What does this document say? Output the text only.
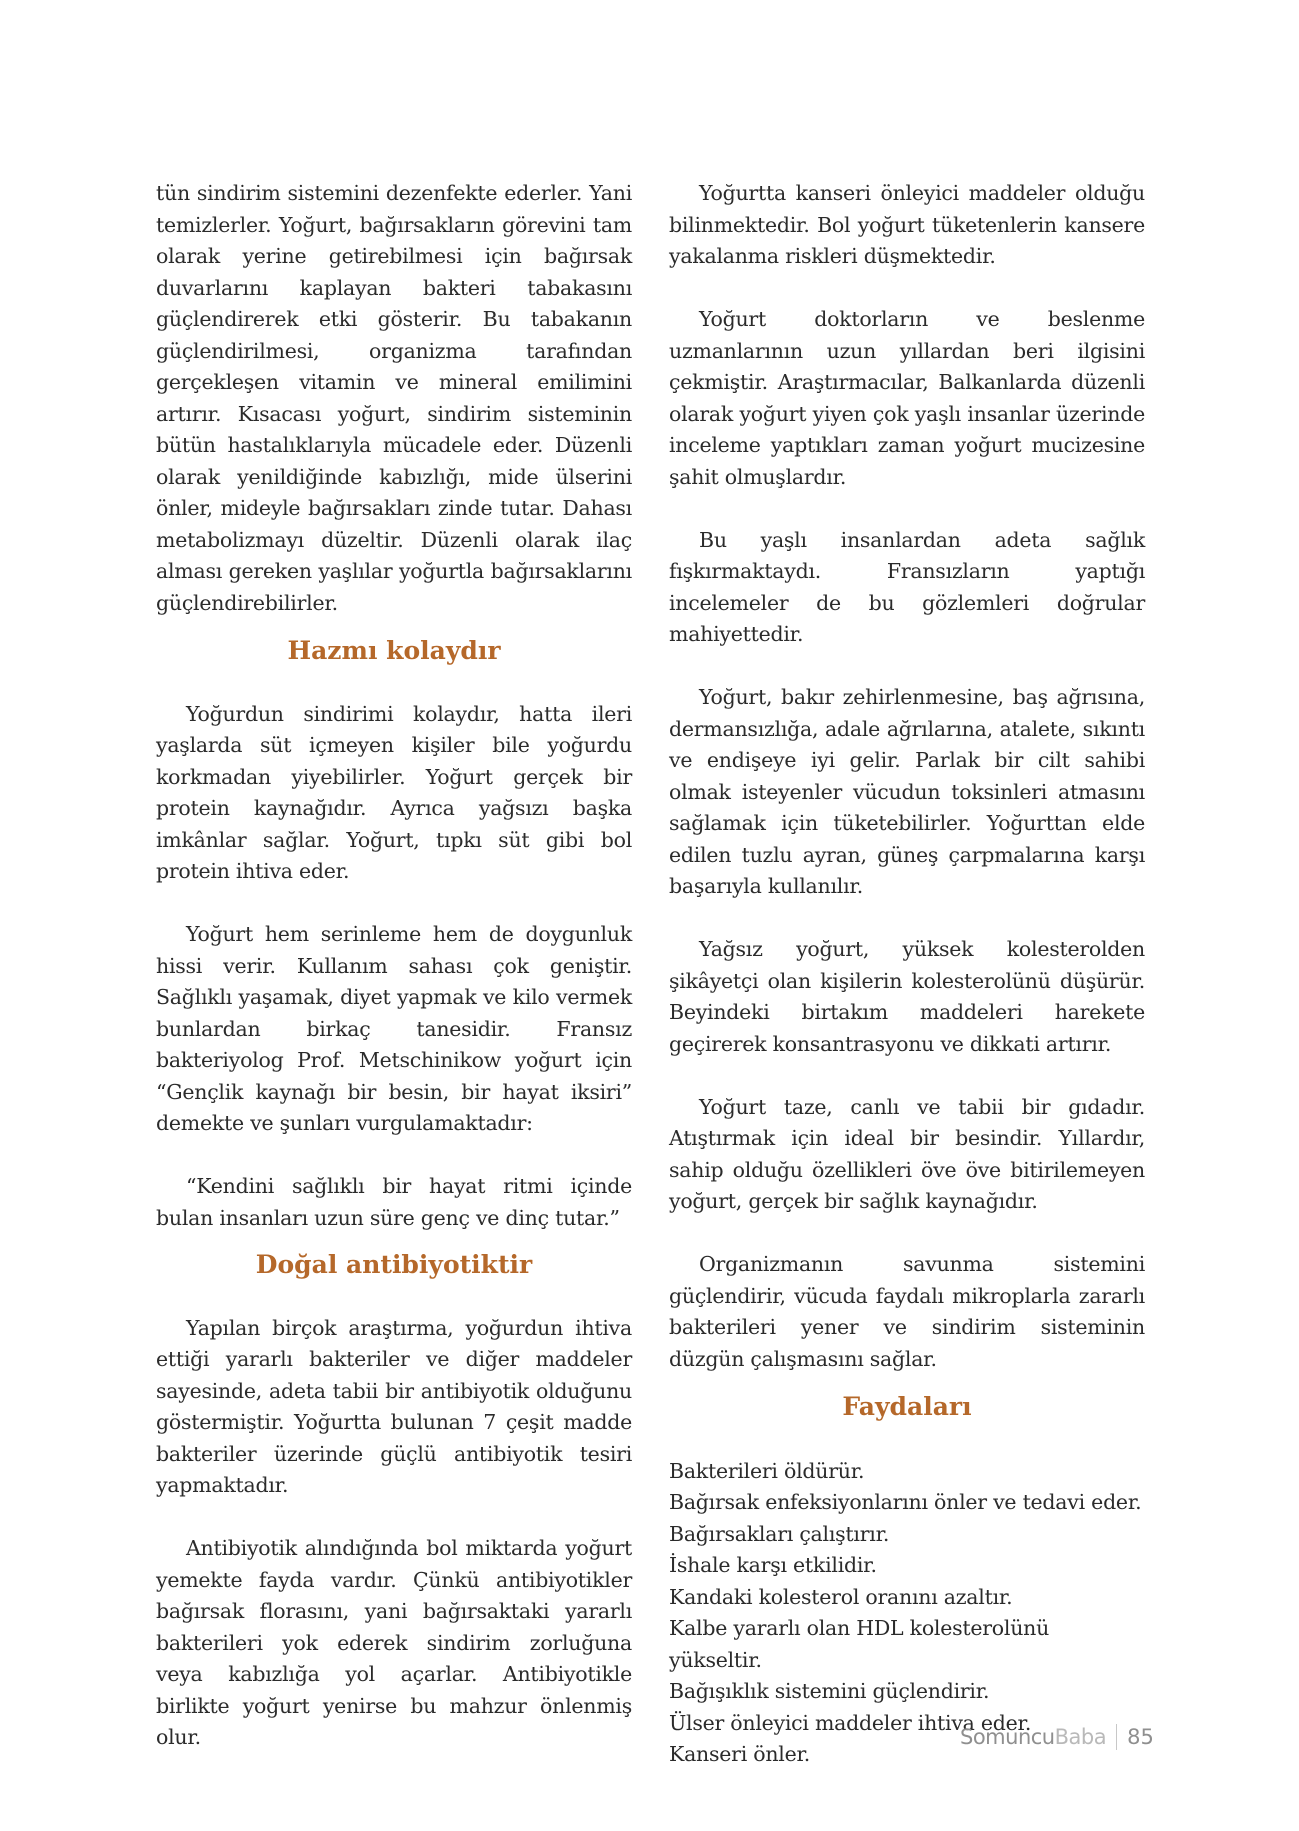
tün sindirim sistemini dezenfekte ederler. Yani temizlerler. Yoğurt, bağırsakların görevini tam olarak yerine getirebilmesi için bağırsak duvarlarını kaplayan bakteri tabakasını güçlendirerek etki gösterir. Bu tabakanın güçlendirilmesi, organizma tarafından gerçekleşen vitamin ve mineral emilimini artırır. Kısacası yoğurt, sindirim sisteminin bütün hastalıklarıyla mücadele eder. Düzenli olarak yenildiğinde kabızlığı, mide ülserini önler, mideyle bağırsakları zinde tutar. Dahası metabolizmayı düzeltir. Düzenli olarak ilaç alması gereken yaşlılar yoğurtla bağırsaklarını güçlendirebilirler.

Hazmı kolaydır

Yoğurdun sindirimi kolaydır, hatta ileri yaşlarda süt içmeyen kişiler bile yoğurdu korkmadan yiyebilirler. Yoğurt gerçek bir protein kaynağıdır. Ayrıca yağsızı başka imkânlar sağlar. Yoğurt, tıpkı süt gibi bol protein ihtiva eder.

Yoğurt hem serinleme hem de doygunluk hissi verir. Kullanım sahası çok geniştir. Sağlıklı yaşamak, diyet yapmak ve kilo vermek bunlardan birkaç tanesidir. Fransız bakteriyolog Prof. Metschinikow yoğurt için “Gençlik kaynağı bir besin, bir hayat iksiri” demekte ve şunları vurgulamaktadır:

“Kendini sağlıklı bir hayat ritmi içinde bulan insanları uzun süre genç ve dinç tutar.”

Doğal antibiyotiktir

Yapılan birçok araştırma, yoğurdun ihtiva ettiği yararlı bakteriler ve diğer maddeler sayesinde, adeta tabii bir antibiyotik olduğunu göstermiştir. Yoğurtta bulunan 7 çeşit madde bakteriler üzerinde güçlü antibiyotik tesiri yapmaktadır.

Antibiyotik alındığında bol miktarda yoğurt yemekte fayda vardır. Çünkü antibiyotikler bağırsak florasını, yani bağırsaktaki yararlı bakterileri yok ederek sindirim zorluğuna veya kabızlığa yol açarlar. Antibiyotikle birlikte yoğurt yenirse bu mahzur önlenmiş olur.

Yoğurtta kanseri önleyici maddeler olduğu bilinmektedir. Bol yoğurt tüketenlerin kansere yakalanma riskleri düşmektedir.

Yoğurt doktorların ve beslenme uzmanlarının uzun yıllardan beri ilgisini çekmiştir. Araştırmacılar, Balkanlarda düzenli olarak yoğurt yiyen çok yaşlı insanlar üzerinde inceleme yaptıkları zaman yoğurt mucizesine şahit olmuşlardır.

Bu yaşlı insanlardan adeta sağlık fışkırmaktaydı. Fransızların yaptığı incelemeler de bu gözlemleri doğrular mahiyettedir.

Yoğurt, bakır zehirlenmesine, baş ağrısına, dermansızlığa, adale ağrılarına, atalete, sıkıntı ve endişeye iyi gelir. Parlak bir cilt sahibi olmak isteyenler vücudun toksinleri atmasını sağlamak için tüketebilirler. Yoğurttan elde edilen tuzlu ayran, güneş çarpmalarına karşı başarıyla kullanılır.

Yağsız yoğurt, yüksek kolesterolden şikâyetçi olan kişilerin kolesterolünü düşürür. Beyindeki birtakım maddeleri harekete geçirerek konsantrasyonu ve dikkati artırır.

Yoğurt taze, canlı ve tabii bir gıdadır. Atıştırmak için ideal bir besindir. Yıllardır, sahip olduğu özellikleri öve öve bitirilemeyen yoğurt, gerçek bir sağlık kaynağıdır.

Organizmanın savunma sistemini güçlendirir, vücuda faydalı mikroplarla zararlı bakterileri yener ve sindirim sisteminin düzgün çalışmasını sağlar.

Faydaları
Bakterileri öldürür.
Bağırsak enfeksiyonlarını önler ve tedavi eder.
Bağırsakları çalıştırır.
İshale karşı etkilidir.
Kandaki kolesterol oranını azaltır.
Kalbe yararlı olan HDL kolesterolünü yükseltir.
Bağışıklık sistemini güçlendirir.
Ülser önleyici maddeler ihtiva eder.
Kanseri önler.
SomuncuBaba 85
